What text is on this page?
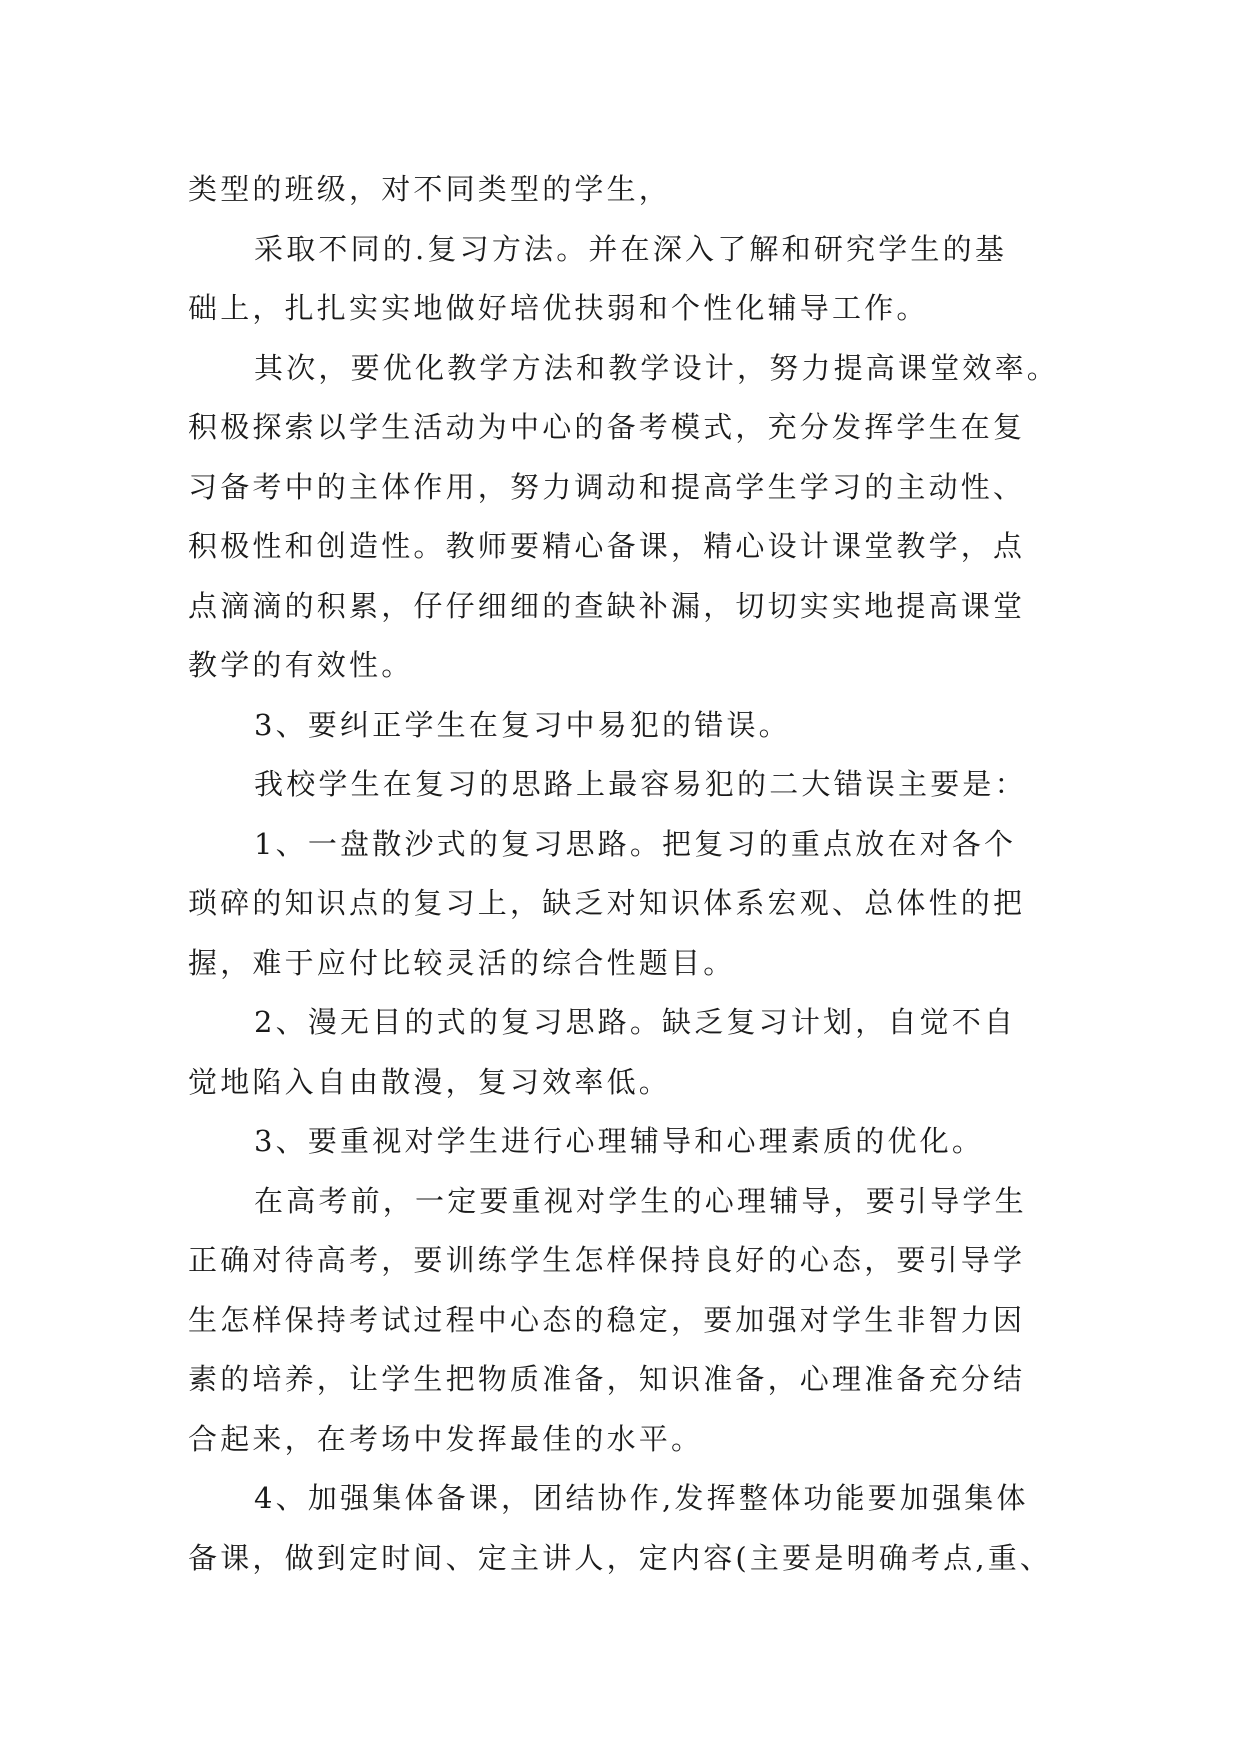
类型的班级，对不同类型的学生，
采取不同的.复习方法。并在深入了解和研究学生的基
础上，扎扎实实地做好培优扶弱和个性化辅导工作。
其次，要优化教学方法和教学设计，努力提高课堂效率。
积极探索以学生活动为中心的备考模式，充分发挥学生在复
习备考中的主体作用，努力调动和提高学生学习的主动性、
积极性和创造性。教师要精心备课，精心设计课堂教学，点
点滴滴的积累，仔仔细细的查缺补漏，切切实实地提高课堂
教学的有效性。
3、要纠正学生在复习中易犯的错误。
我校学生在复习的思路上最容易犯的二大错误主要是：
1、一盘散沙式的复习思路。把复习的重点放在对各个
琐碎的知识点的复习上，缺乏对知识体系宏观、总体性的把
握，难于应付比较灵活的综合性题目。
2、漫无目的式的复习思路。缺乏复习计划，自觉不自
觉地陷入自由散漫，复习效率低。
3、要重视对学生进行心理辅导和心理素质的优化。
在高考前，一定要重视对学生的心理辅导，要引导学生
正确对待高考，要训练学生怎样保持良好的心态，要引导学
生怎样保持考试过程中心态的稳定，要加强对学生非智力因
素的培养，让学生把物质准备，知识准备，心理准备充分结
合起来，在考场中发挥最佳的水平。
4、加强集体备课，团结协作,发挥整体功能要加强集体
备课，做到定时间、定主讲人，定内容(主要是明确考点,重、
